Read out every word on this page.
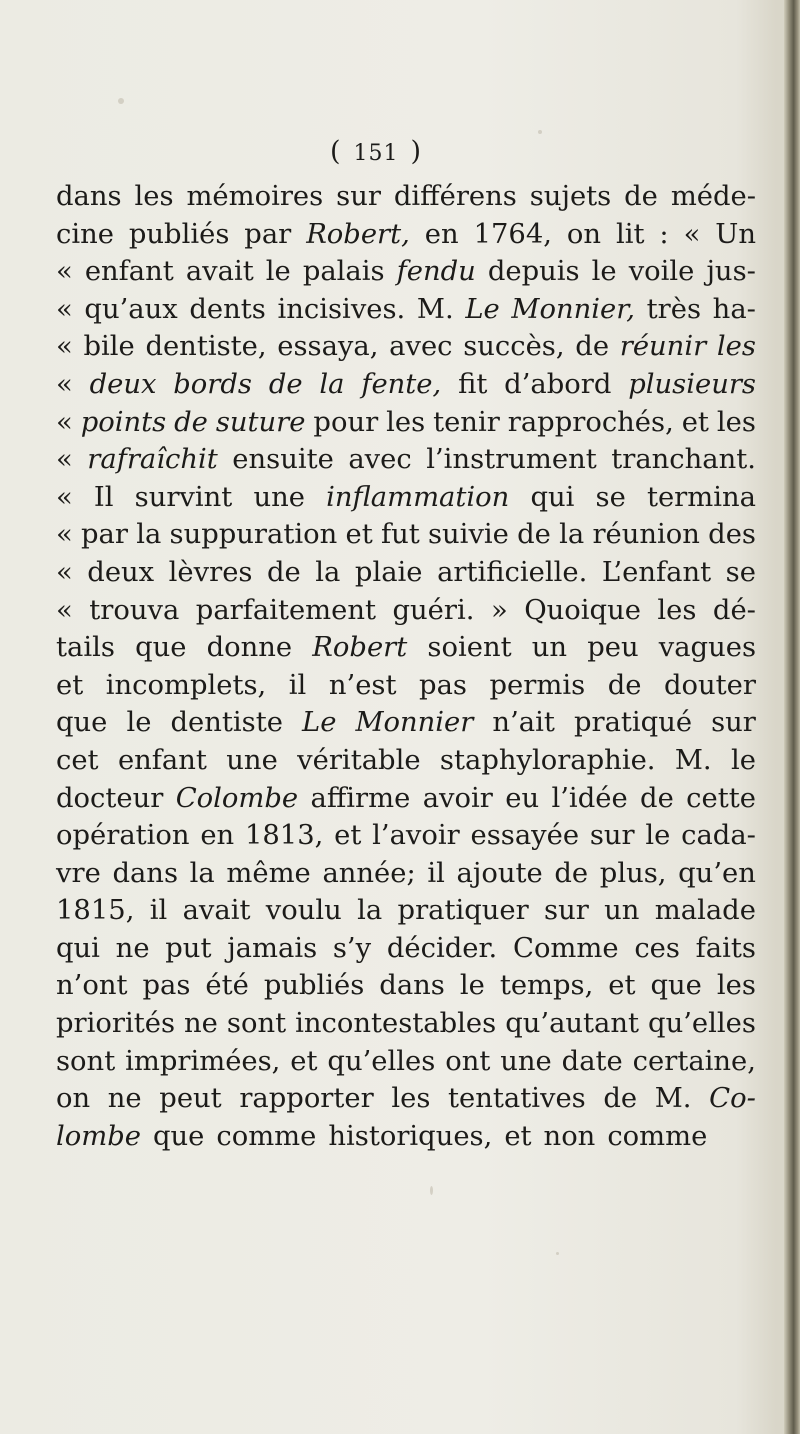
( 151 )
dans les mémoires sur différens sujets de méde-
cine publiés par Robert, en 1764, on lit : « Un
« enfant avait le palais fendu depuis le voile jus-
« qu’aux dents incisives. M. Le Monnier, très ha-
« bile dentiste, essaya, avec succès, de réunir les
« deux bords de la fente, fit d’abord plusieurs
« points de suture pour les tenir rapprochés, et les
« rafraîchit ensuite avec l’instrument tranchant.
« Il survint une inflammation qui se termina
« par la suppuration et fut suivie de la réunion des
« deux lèvres de la plaie artificielle. L’enfant se
« trouva parfaitement guéri. » Quoique les dé-
tails que donne Robert soient un peu vagues
et incomplets, il n’est pas permis de douter
que le dentiste Le Monnier n’ait pratiqué sur
cet enfant une véritable staphyloraphie. M. le
docteur Colombe affirme avoir eu l’idée de cette
opération en 1813, et l’avoir essayée sur le cada-
vre dans la même année; il ajoute de plus, qu’en
1815, il avait voulu la pratiquer sur un malade
qui ne put jamais s’y décider. Comme ces faits
n’ont pas été publiés dans le temps, et que les
priorités ne sont incontestables qu’autant qu’elles
sont imprimées, et qu’elles ont une date certaine,
on ne peut rapporter les tentatives de M. Co-
lombe que comme historiques, et non comme
